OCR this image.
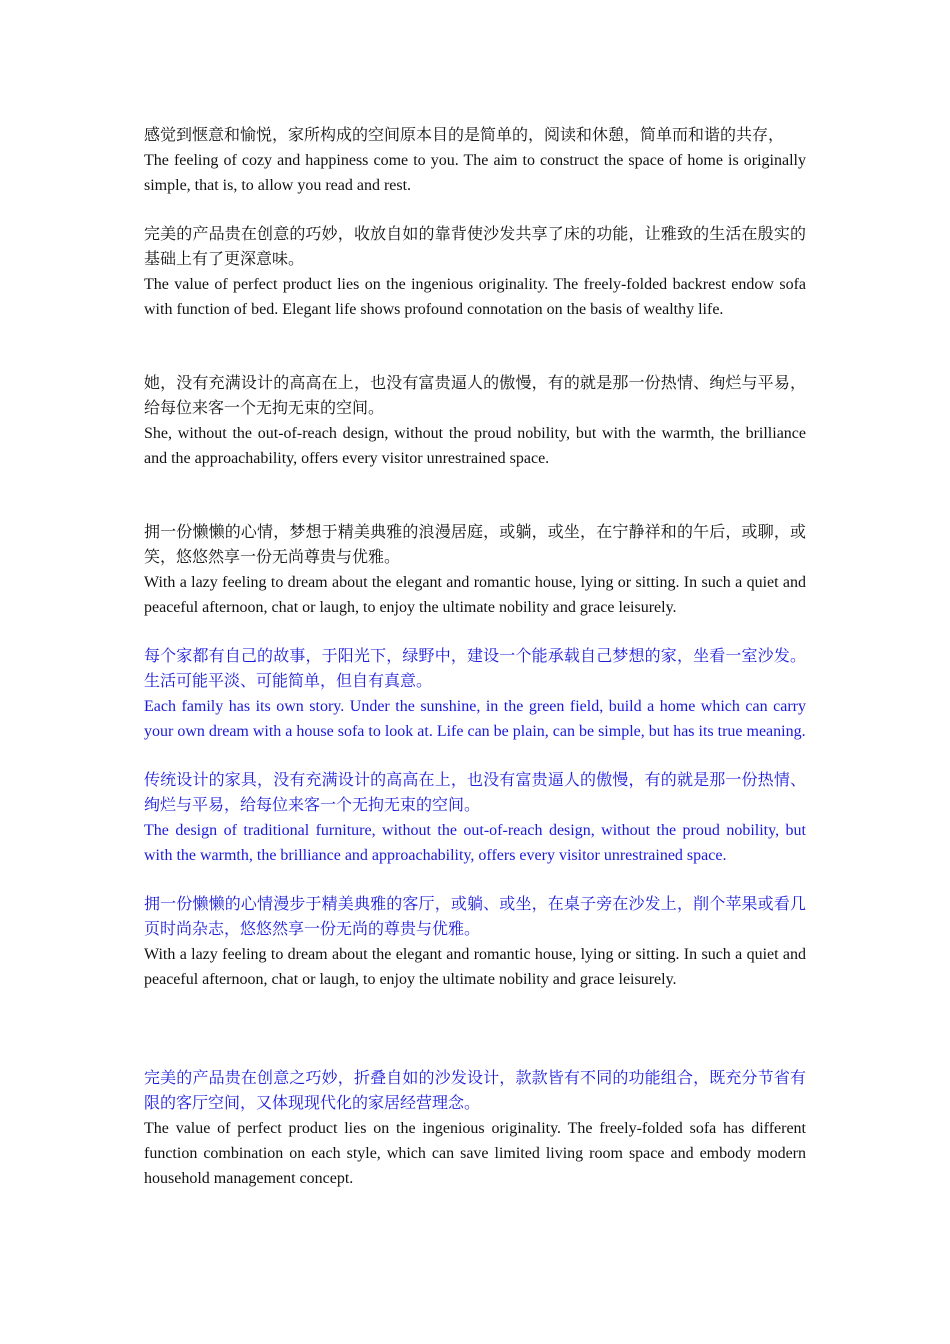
感觉到惬意和愉悦，家所构成的空间原本目的是简单的，阅读和休憩，简单而和谐的共存，

The feeling of cozy and happiness come to you. The aim to construct the space of home is originally simple, that is, to allow you read and rest.

完美的产品贵在创意的巧妙，收放自如的靠背使沙发共享了床的功能，让雅致的生活在殷实的基础上有了更深意味。

The value of perfect product lies on the ingenious originality. The freely-folded backrest endow sofa with function of bed. Elegant life shows profound connotation on the basis of wealthy life.

她，没有充满设计的高高在上，也没有富贵逼人的傲慢，有的就是那一份热情、绚烂与平易，给每位来客一个无拘无束的空间。

She, without the out-of-reach design, without the proud nobility, but with the warmth, the brilliance and the approachability, offers every visitor unrestrained space.

拥一份懒懒的心情，梦想于精美典雅的浪漫居庭，或躺，或坐，在宁静祥和的午后，或聊，或笑，悠悠然享一份无尚尊贵与优雅。

With a lazy feeling to dream about the elegant and romantic house, lying or sitting. In such a quiet and peaceful afternoon, chat or laugh, to enjoy the ultimate nobility and grace leisurely.

每个家都有自己的故事，于阳光下，绿野中，建设一个能承载自己梦想的家，坐看一室沙发。生活可能平淡、可能简单，但自有真意。

Each family has its own story. Under the sunshine, in the green field, build a home which can carry your own dream with a house sofa to look at. Life can be plain, can be simple, but has its true meaning.

传统设计的家具，没有充满设计的高高在上，也没有富贵逼人的傲慢，有的就是那一份热情、绚烂与平易，给每位来客一个无拘无束的空间。

The design of traditional furniture, without the out-of-reach design, without the proud nobility, but with the warmth, the brilliance and approachability, offers every visitor unrestrained space.

拥一份懒懒的心情漫步于精美典雅的客厅，或躺、或坐，在桌子旁在沙发上，削个苹果或看几页时尚杂志，悠悠然享一份无尚的尊贵与优雅。

With a lazy feeling to dream about the elegant and romantic house, lying or sitting. In such a quiet and peaceful afternoon, chat or laugh, to enjoy the ultimate nobility and grace leisurely.

完美的产品贵在创意之巧妙，折叠自如的沙发设计，款款皆有不同的功能组合，既充分节省有限的客厅空间，又体现现代化的家居经营理念。

The value of perfect product lies on the ingenious originality. The freely-folded sofa has different function combination on each style, which can save limited living room space and embody modern household management concept.
